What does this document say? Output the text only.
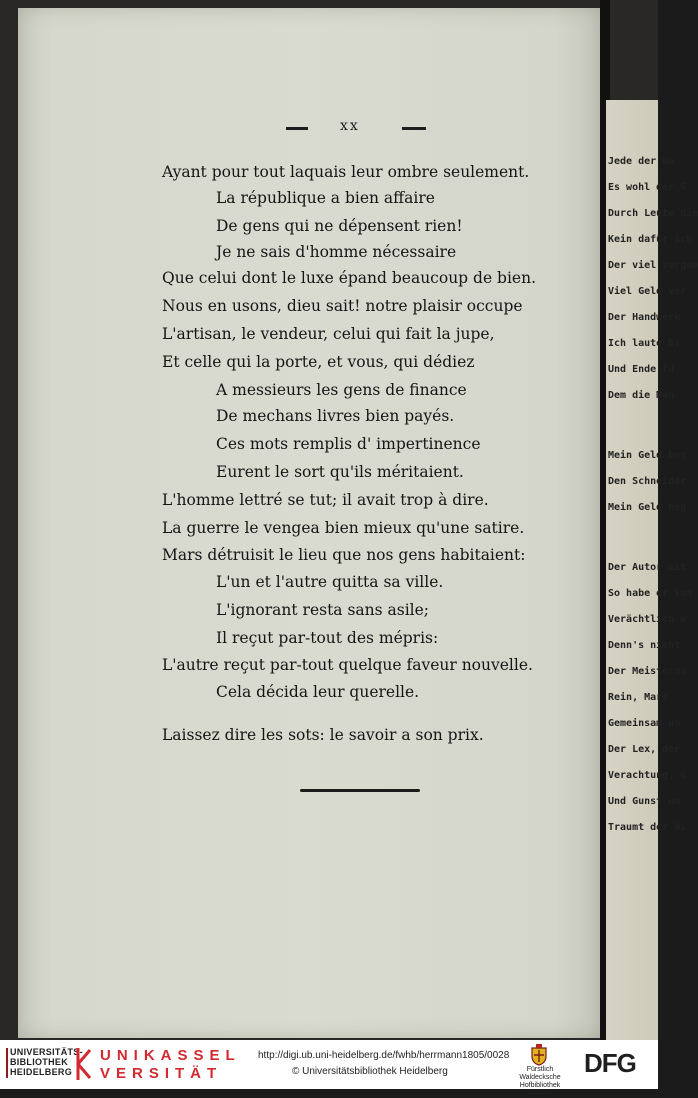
Jede der Wa
Es wohl der S
Durch Leute die
Kein dafür ich
Der viel vergeb
Viel Geld ver
Der Handwerk
Ich laute Bi
Und Ende fü
Dem die Man
Mein Geld beg
Den Schneider
Mein Geld beg
Der Autor mit
So habe er lan
Verächtlich w
Denn's nicht
Der Meisterma
Rein, Mars
Gemeinsam un
Der Lex, der
Verachtung, G
Und Gunst un
Traumt der Wi
xx
Ayant pour tout laquais leur ombre seulement.
La république a bien affaire
De gens qui ne dépensent rien!
Je ne sais d'homme nécessaire
Que celui dont le luxe épand beaucoup de bien.
Nous en usons, dieu sait! notre plaisir occupe
L'artisan, le vendeur, celui qui fait la jupe,
Et celle qui la porte, et vous, qui dédiez
A messieurs les gens de finance
De mechans livres bien payés.
Ces mots remplis d' impertinence
Eurent le sort qu'ils méritaient.
L'homme lettré se tut; il avait trop à dire.
La guerre le vengea bien mieux qu'une satire.
Mars détruisit le lieu que nos gens habitaient:
L'un et l'autre quitta sa ville.
L'ignorant resta sans asile;
Il reçut par-tout des mépris:
L'autre reçut par-tout quelque faveur nouvelle.
Cela décida leur querelle.
Laissez dire les sots: le savoir a son prix.
UNIVERSITÄTS-
BIBLIOTHEK
HEIDELBERG
UNIKASSEL
VERSITÄT
http://digi.ub.uni-heidelberg.de/fwhb/herrmann1805/0028
© Universitätsbibliothek Heidelberg	Fürstlich Waldecksche
Hofbibliothek Arolsen
DFG
